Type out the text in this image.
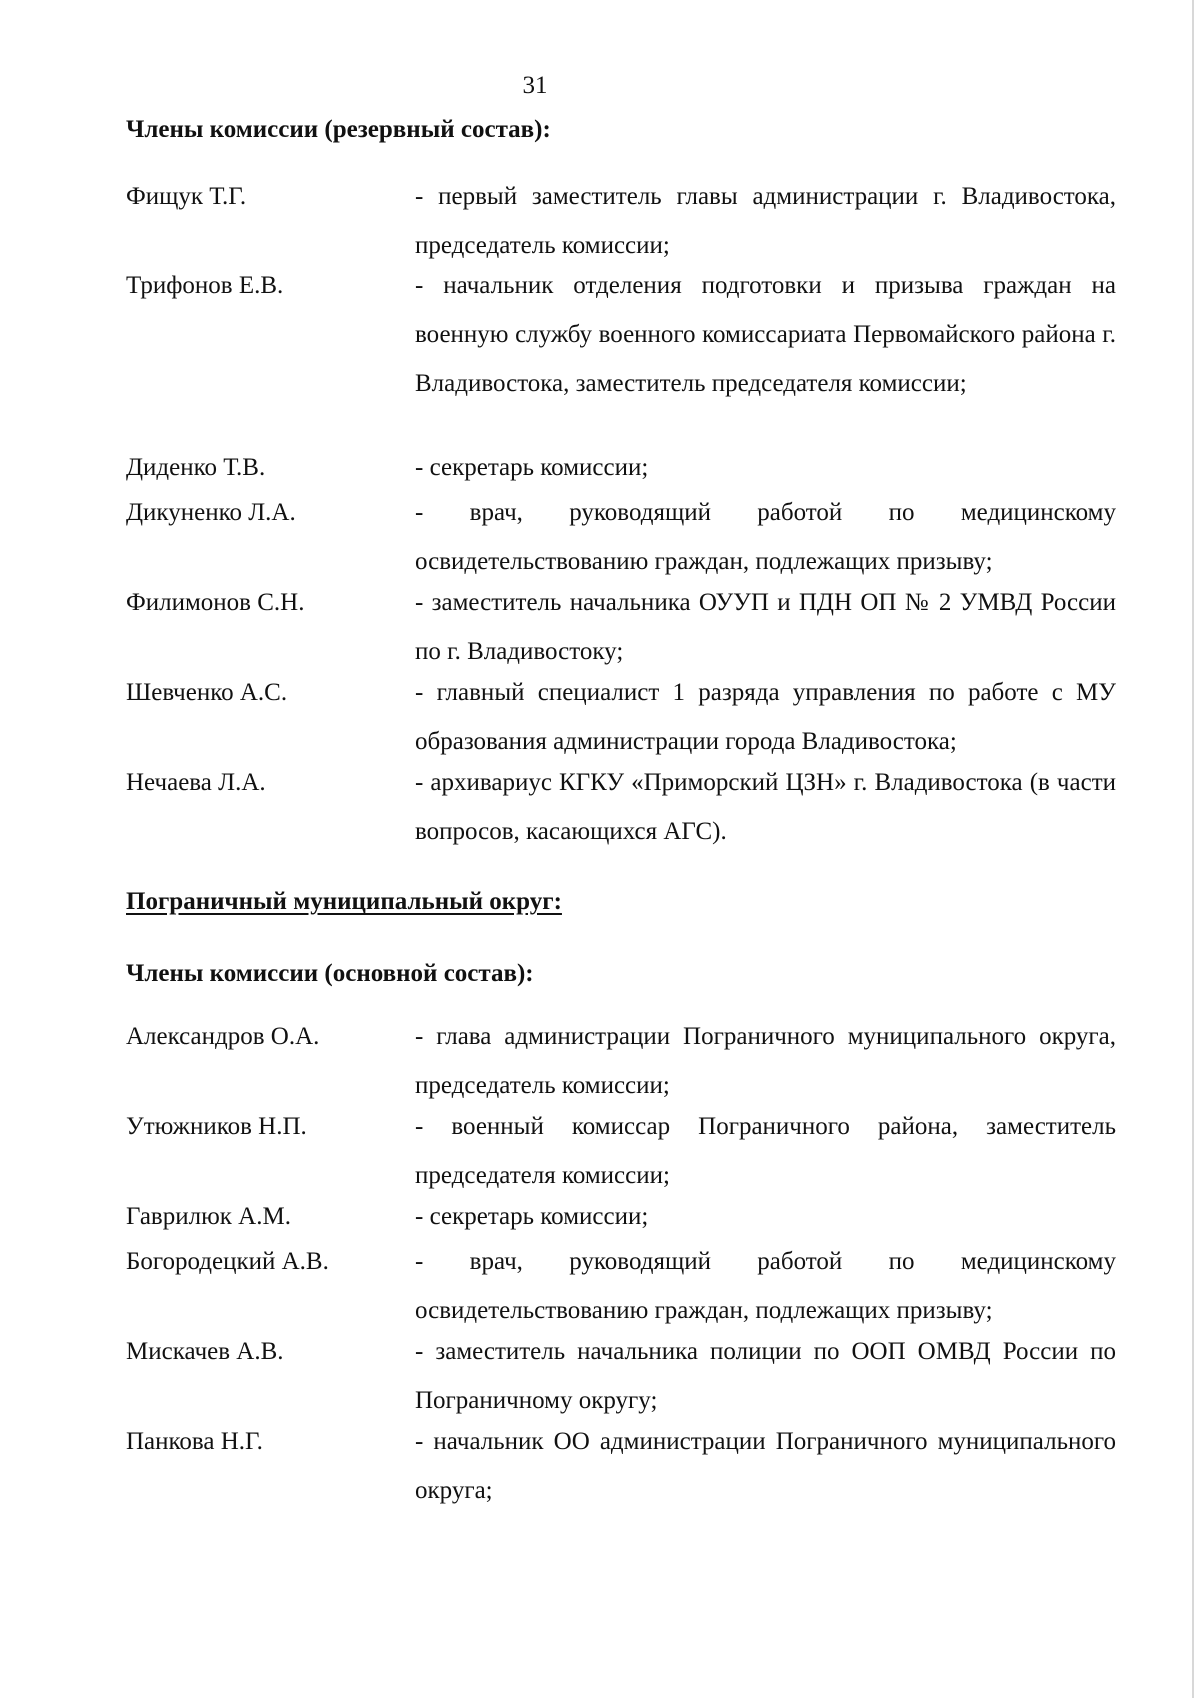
31
Члены комиссии (резервный состав):
Фищук Т.Г.	- первый заместитель главы администрации г. Владивостока, председатель комиссии;
Трифонов Е.В.	- начальник отделения подготовки и призыва граждан на военную службу военного комиссариата Первомайского района г. Владивостока, заместитель председателя комиссии;
Диденко Т.В.	- секретарь комиссии;
Дикуненко Л.А.	- врач, руководящий работой по медицинскому освидетельствованию граждан, подлежащих призыву;
Филимонов С.Н.	- заместитель начальника ОУУП и ПДН ОП № 2 УМВД России по г. Владивостоку;
Шевченко А.С.	- главный специалист 1 разряда управления по работе с МУ образования администрации города Владивостока;
Нечаева Л.А.	- архивариус КГКУ «Приморский ЦЗН» г. Владивостока (в части вопросов, касающихся АГС).
Пограничный муниципальный округ:
Члены комиссии (основной состав):
Александров О.А.	- глава администрации Пограничного муниципального округа, председатель комиссии;
Утюжников Н.П.	- военный комиссар Пограничного района, заместитель председателя комиссии;
Гаврилюк А.М.	- секретарь комиссии;
Богородецкий А.В.	- врач, руководящий работой по медицинскому освидетельствованию граждан, подлежащих призыву;
Мискачев А.В.	- заместитель начальника полиции по ООП ОМВД России по Пограничному округу;
Панкова Н.Г.	- начальник ОО администрации Пограничного муниципального округа;
